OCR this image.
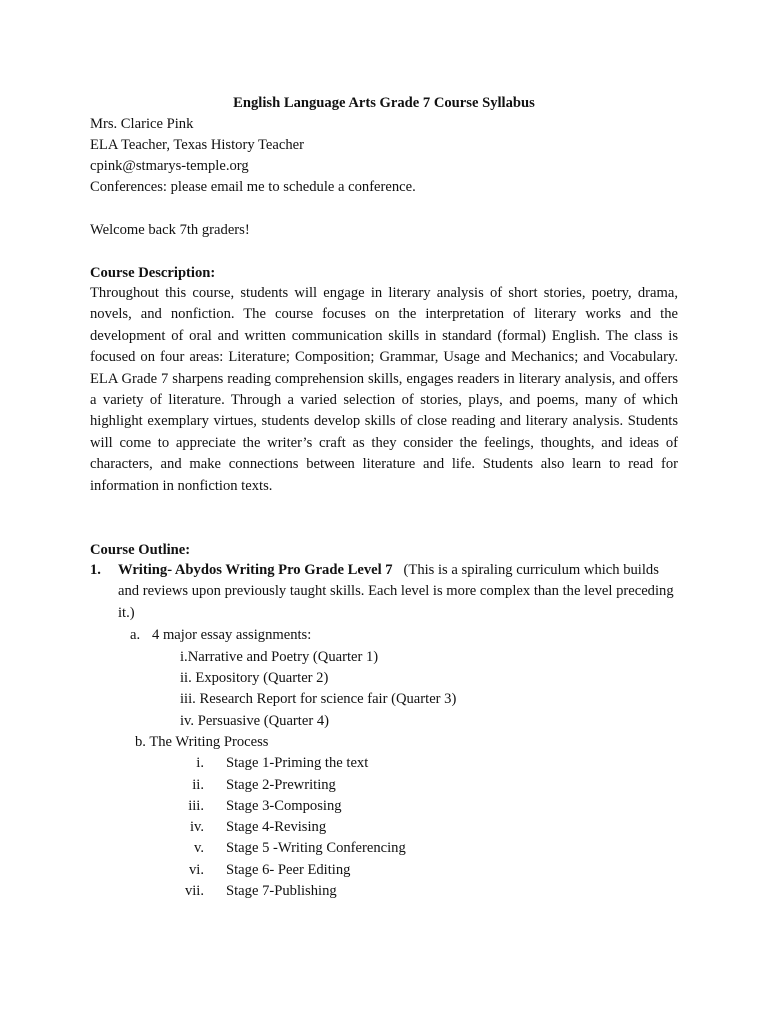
English Language Arts Grade 7 Course Syllabus
Mrs. Clarice Pink
ELA Teacher, Texas History Teacher
cpink@stmarys-temple.org
Conferences: please email me to schedule a conference.
Welcome back 7th graders!
Course Description:
Throughout this course, students will engage in literary analysis of short stories, poetry, drama, novels, and nonfiction. The course focuses on the interpretation of literary works and the development of oral and written communication skills in standard (formal) English. The class is focused on four areas: Literature; Composition; Grammar, Usage and Mechanics; and Vocabulary. ELA Grade 7 sharpens reading comprehension skills, engages readers in literary analysis, and offers a variety of literature. Through a varied selection of stories, plays, and poems, many of which highlight exemplary virtues, students develop skills of close reading and literary analysis. Students will come to appreciate the writer’s craft as they consider the feelings, thoughts, and ideas of characters, and make connections between literature and life. Students also learn to read for information in nonfiction texts.
Course Outline:
1. Writing- Abydos Writing Pro Grade Level 7 (This is a spiraling curriculum which builds and reviews upon previously taught skills. Each level is more complex than the level preceding it.)
a. 4 major essay assignments:
i.Narrative and Poetry (Quarter 1)
ii. Expository (Quarter 2)
iii. Research Report for science fair (Quarter 3)
iv. Persuasive (Quarter 4)
b. The Writing Process
i. Stage 1-Priming the text
ii. Stage 2-Prewriting
iii. Stage 3-Composing
iv. Stage 4-Revising
v. Stage 5 -Writing Conferencing
vi. Stage 6- Peer Editing
vii. Stage 7-Publishing
